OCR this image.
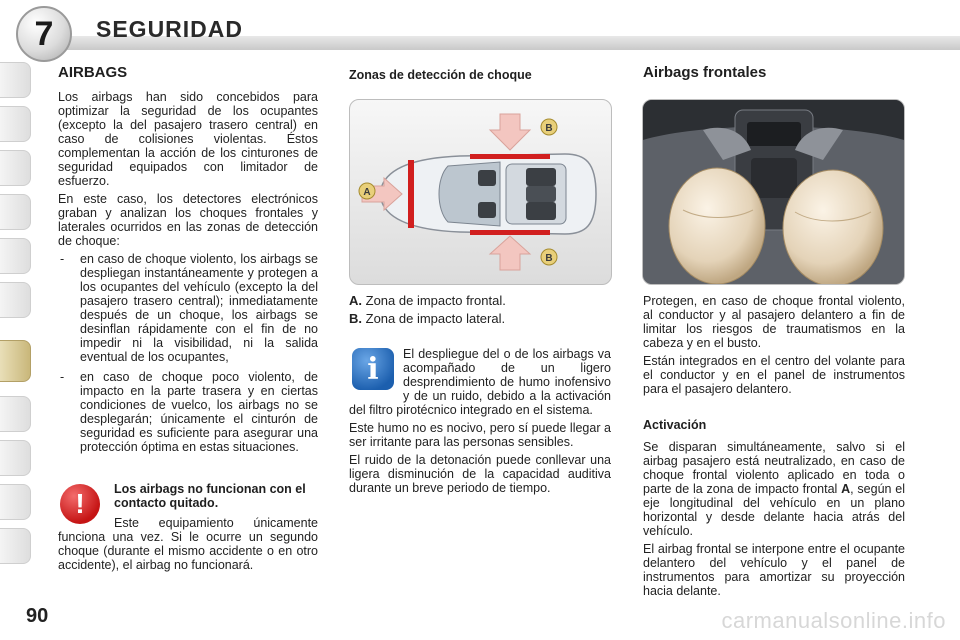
7	SEGURIDAD
AIRBAGS

Los airbags han sido concebidos para optimizar la seguridad de los ocupantes (excepto la del pasajero trasero central) en caso de colisiones violentas. Éstos complementan la acción de los cinturones de seguridad equipados con limitador de esfuerzo.

En este caso, los detectores electrónicos graban y analizan los choques frontales y laterales ocurridos en las zonas de detección de choque:

- en caso de choque violento, los airbags se despliegan instantáneamente y protegen a los ocupantes del vehículo (excepto la del pasajero trasero central); inmediatamente después de un choque, los airbags se desinflan rápidamente con el fin de no impedir ni la visibilidad, ni la salida eventual de los ocupantes,
- en caso de choque poco violento, de impacto en la parte trasera y en ciertas condiciones de vuelco, los airbags no se desplegarán; únicamente el cinturón de seguridad es suficiente para asegurar una protección óptima en estas situaciones.
!	Los airbags no funcionan con el contacto quitado.

Este equipamiento únicamente funciona una vez. Si le ocurre un segundo choque (durante el mismo accidente o en otro accidente), el airbag no funcionará.

Zonas de detección de choque
A
B
B

A. Zona de impacto frontal.

B. Zona de impacto lateral.

i	El despliegue del o de los airbags va acompañado de un ligero desprendimiento de humo inofensivo y de un ruido, debido a la activación del filtro pirotécnico integrado en el sistema.

Este humo no es nocivo, pero sí puede llegar a ser irritante para las personas sensibles.

El ruido de la detonación puede conllevar una ligera disminución de la capacidad auditiva durante un breve periodo de tiempo.

Airbags frontales

Protegen, en caso de choque frontal violento, al conductor y al pasajero delantero a fin de limitar los riesgos de traumatismos en la cabeza y en el busto.

Están integrados en el centro del volante para el conductor y en el panel de instrumentos para el pasajero delantero.

Activación

Se disparan simultáneamente, salvo si el airbag pasajero está neutralizado, en caso de choque frontal violento aplicado en toda o parte de la zona de impacto frontal A, según el eje longitudinal del vehículo en un plano horizontal y desde delante hacia atrás del vehículo.

El airbag frontal se interpone entre el ocupante delantero del vehículo y el panel de instrumentos para amortizar su proyección hacia delante.

90	carmanualsonline.info
